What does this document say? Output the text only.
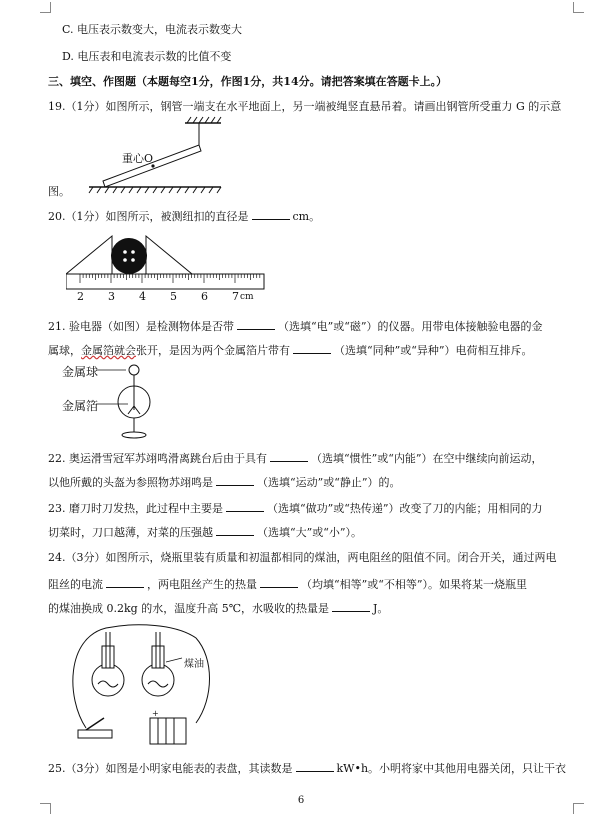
C. 电压表示数变大，电流表示数变大
D. 电压表和电流表示数的比值不变
三、填空、作图题（本题每空1分，作图1分，共14分。请把答案填在答题卡上。）
19.（1分）如图所示，钢管一端支在水平地面上，另一端被绳竖直悬吊着。请画出钢管所受重力 G 的示意
重心O
图。
20.（1分）如图所示，被测纽扣的直径是	cm。
2 3 4 5 6 7 cm
21. 验电器（如图）是检测物体是否带	（选填“电”或“磁”）的仪器。用带电体接触验电器的金
属球，金属箔就会张开，是因为两个金属箔片带有	（选填“同种”或“异种”）电荷相互排斥。
金属球
金属箔
22. 奥运滑雪冠军苏翊鸣滑离跳台后由于具有	（选填“惯性”或“内能”）在空中继续向前运动，
以他所戴的头盔为参照物苏翊鸣是	（选填“运动”或“静止”）的。
23. 磨刀时刀发热，此过程中主要是	（选填“做功”或“热传递”）改变了刀的内能；用相同的力
切菜时，刀口越薄，对菜的压强越	（选填“大”或“小”）。
24.（3分）如图所示，烧瓶里装有质量和初温都相同的煤油，两电阻丝的阻值不同。闭合开关，通过两电
阻丝的电流	，两电阻丝产生的热量	（均填“相等”或“不相等”）。如果将某一烧瓶里
的煤油换成 0.2kg 的水，温度升高 5℃，水吸收的热量是	J。
+
煤油
25.（3分）如图是小明家电能表的表盘，其读数是	kW•h。小明将家中其他用电器关闭，只让干衣
6
